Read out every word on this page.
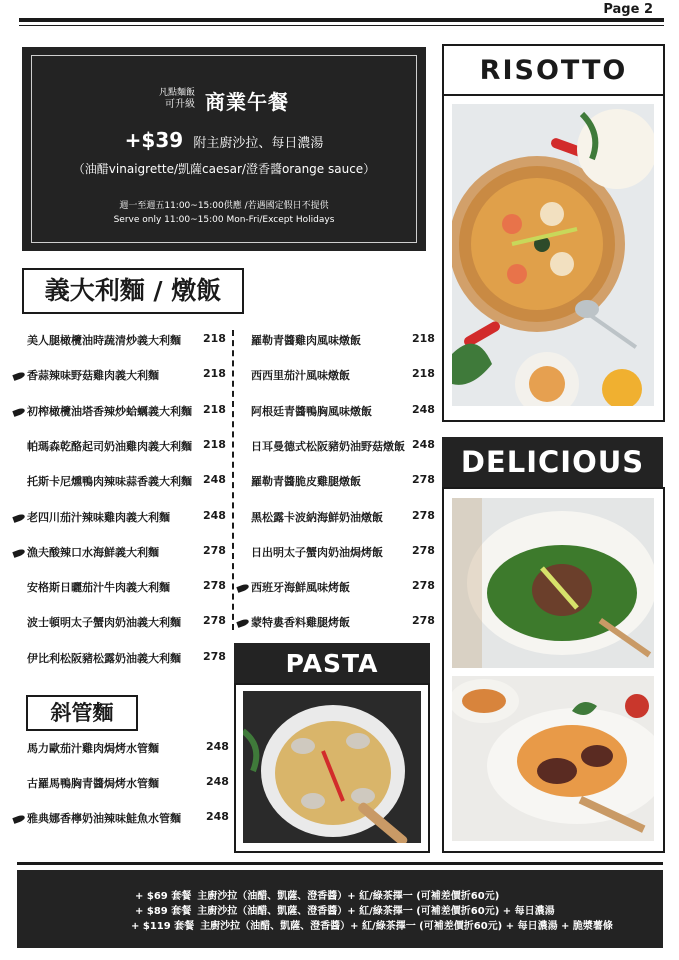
Page 2
凡點麵飯
可升級 商業午餐
+$39 附主廚沙拉、每日濃湯
（油醋vinaigrette/凱薩caesar/澄香醬orange sauce）
週一至週五11:00~15:00供應 /若遇國定假日不提供
Serve only 11:00~15:00 Mon-Fri/Except Holidays
義大利麵 / 燉飯
美人腿橄欖油時蔬清炒義大利麵 218
香蒜辣味野菇雞肉義大利麵	218
初榨橄欖油塔香辣炒蛤蠣義大利麵 218
帕瑪森乾酪起司奶油雞肉義大利麵 218
托斯卡尼燻鴨肉辣味蒜香義大利麵 248
老四川茄汁辣味雞肉義大利麵	248
漁夫酸辣口水海鮮義大利麵	278
安格斯日曬茄汁牛肉義大利麵	278
波士頓明太子蟹肉奶油義大利麵 278
伊比利松阪豬松露奶油義大利麵 278
羅勒青醬雞肉風味燉飯	218
西西里茄汁風味燉飯	218
阿根廷青醬鴨胸風味燉飯	248
日耳曼德式松阪豬奶油野菇燉飯 248
羅勒青醬脆皮雞腿燉飯	278
黑松露卡波納海鮮奶油燉飯	278
日出明太子蟹肉奶油焗烤飯	278
西班牙海鮮風味烤飯	278
蒙特婁香料雞腿烤飯	278
斜管麵
馬力歐茄汁雞肉焗烤水管麵	248
古羅馬鴨胸青醬焗烤水管麵	248
雅典娜香檸奶油辣味鮭魚水管麵 248
RISOTTO
DELICIOUS
PASTA
+ $69 套餐 主廚沙拉（油醋、凱薩、澄香醬）+ 紅/綠茶擇一 (可補差價折60元)
+ $89 套餐 主廚沙拉（油醋、凱薩、澄香醬）+ 紅/綠茶擇一 (可補差價折60元) + 每日濃湯
+ $119 套餐 主廚沙拉（油醋、凱薩、澄香醬）+ 紅/綠茶擇一 (可補差價折60元) + 每日濃湯 + 脆漿薯條
